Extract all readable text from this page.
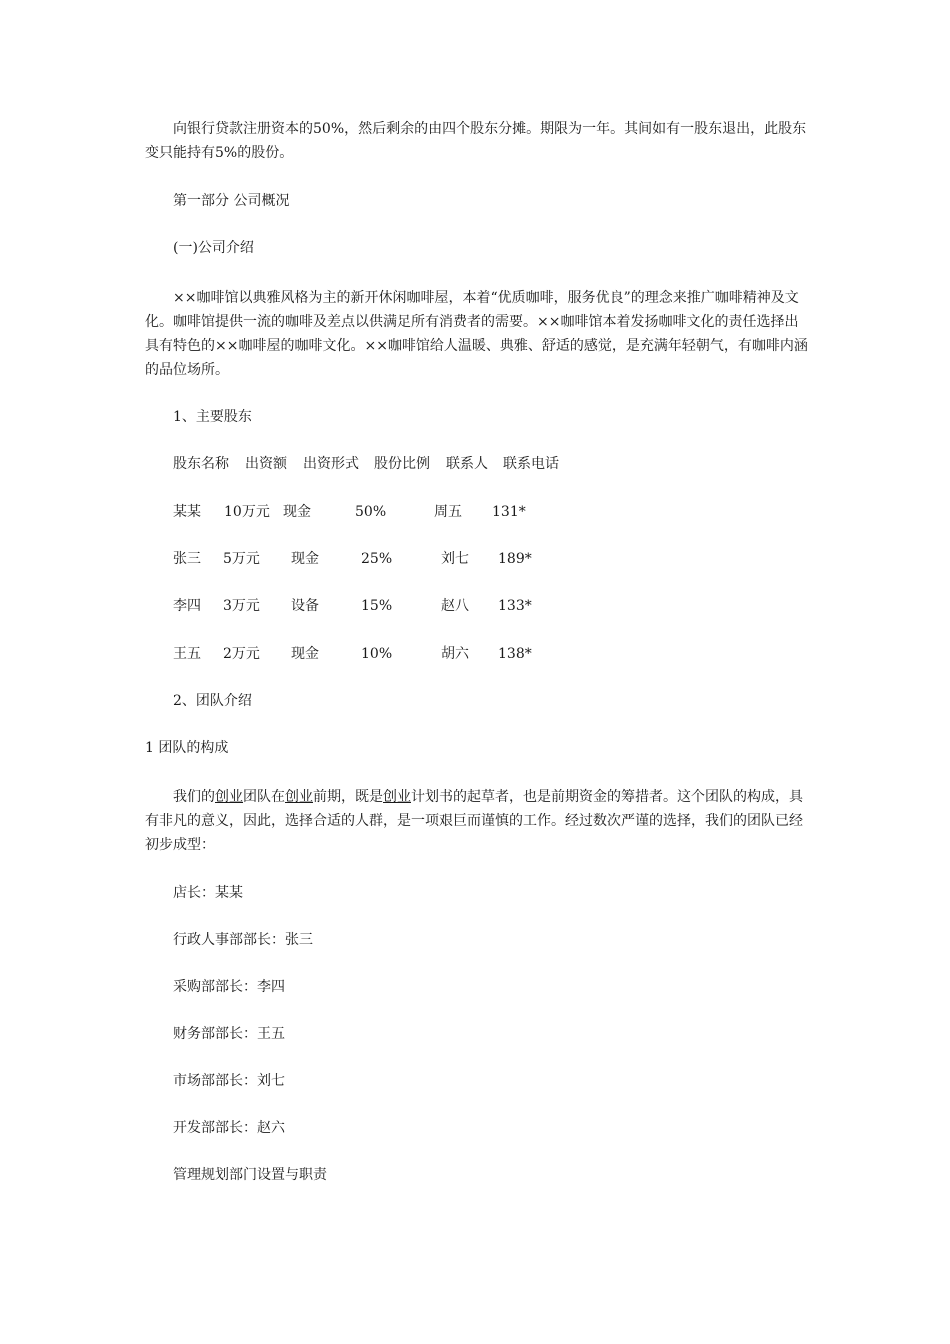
向银行贷款注册资本的50%，然后剩余的由四个股东分摊。期限为一年。其间如有一股东退出，此股东变只能持有5%的股份。

第一部分 公司概况

(一)公司介绍

××咖啡馆以典雅风格为主的新开休闲咖啡屋，本着“优质咖啡，服务优良”的理念来推广咖啡精神及文化。咖啡馆提供一流的咖啡及差点以供满足所有消费者的需要。××咖啡馆本着发扬咖啡文化的责任选择出具有特色的××咖啡屋的咖啡文化。××咖啡馆给人温暖、典雅、舒适的感觉，是充满年轻朝气，有咖啡内涵的品位场所。

1、主要股东

股东名称 出资额 出资形式 股份比例 联系人 联系电话
某某 10万元 现金	50%	周五 131*
张三 5万元 现金	25%	刘七 189*
李四 3万元 设备	15%	赵八 133*
王五 2万元 现金	10%	胡六 138*

2、团队介绍

1 团队的构成

我们的创业团队在创业前期，既是创业计划书的起草者，也是前期资金的筹措者。这个团队的构成，具有非凡的意义，因此，选择合适的人群，是一项艰巨而谨慎的工作。经过数次严谨的选择，我们的团队已经初步成型：

店长：某某

行政人事部部长：张三

采购部部长：李四

财务部部长：王五

市场部部长：刘七

开发部部长：赵六

管理规划部门设置与职责
